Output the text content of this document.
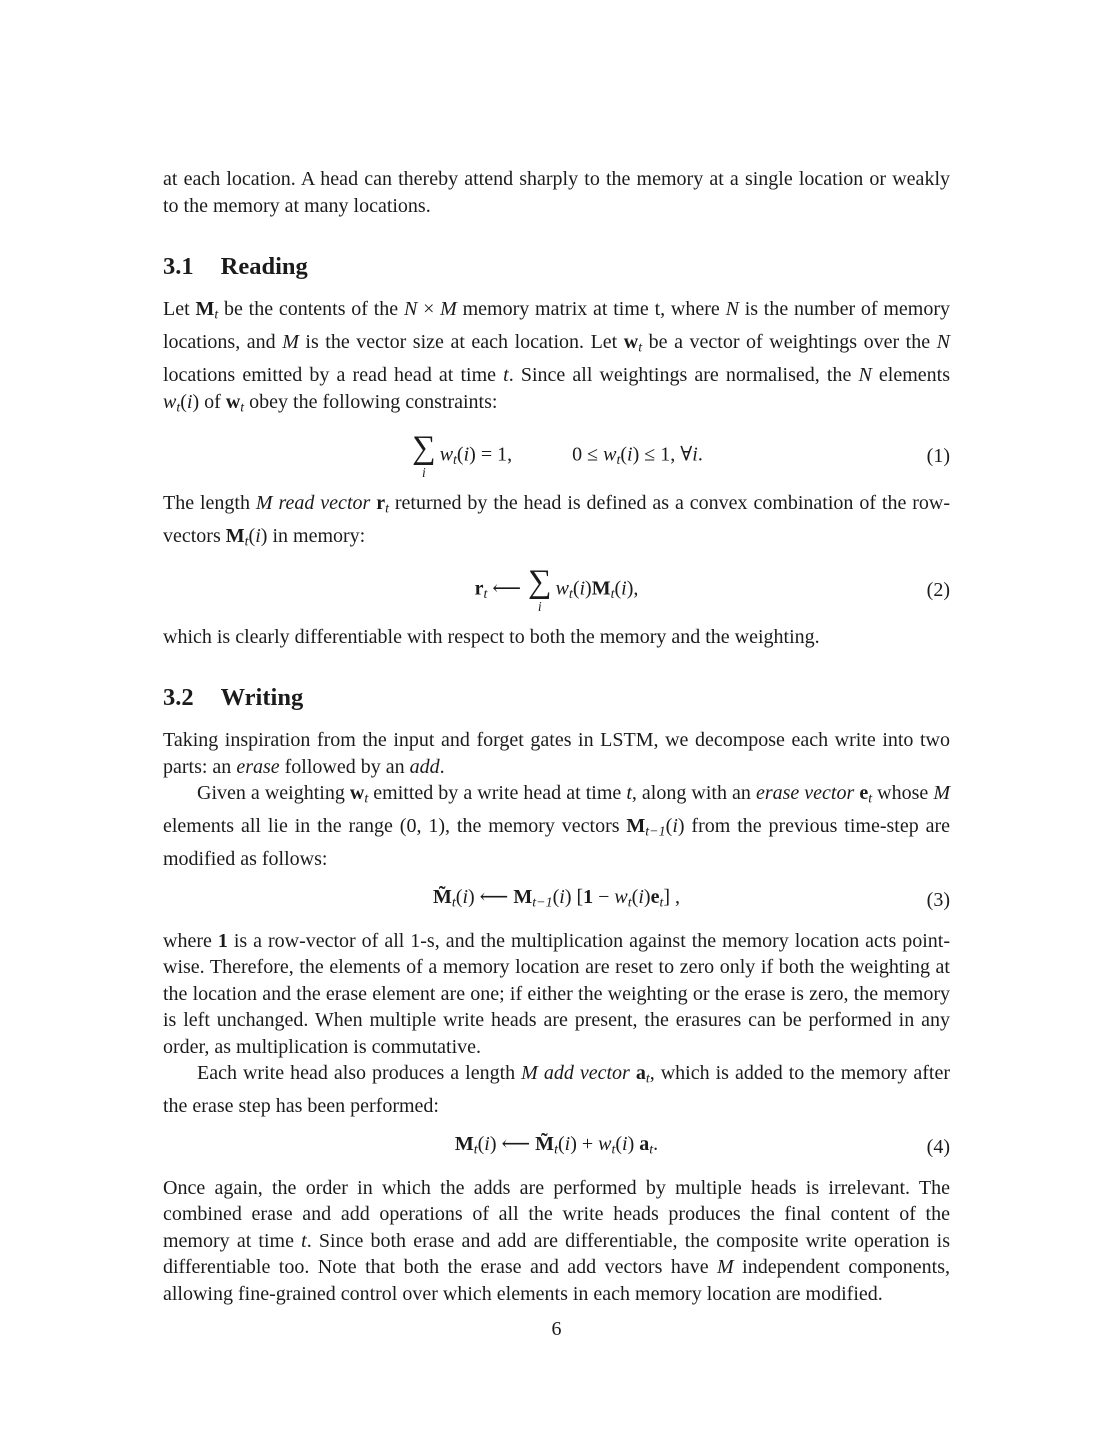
at each location. A head can thereby attend sharply to the memory at a single location or weakly to the memory at many locations.
3.1 Reading
Let $M_t$ be the contents of the N × M memory matrix at time t, where N is the number of memory locations, and M is the vector size at each location. Let $w_t$ be a vector of weightings over the N locations emitted by a read head at time t. Since all weightings are normalised, the N elements $w_t(i)$ of $w_t$ obey the following constraints:
∑
i
$w_t(i) = 1$,	$0 \le w_t(i) \le 1$, ∀i.	(1)
The length M read vector $r_t$ returned by the head is defined as a convex combination of the row-vectors $M_t(i)$ in memory:
$r_t$ ⟵ ∑
i
$w_t(i)M_t(i)$,	(2)
which is clearly differentiable with respect to both the memory and the weighting.
3.2 Writing
Taking inspiration from the input and forget gates in LSTM, we decompose each write into two parts: an erase followed by an add.
Given a weighting $w_t$ emitted by a write head at time t, along with an erase vector $e_t$ whose M elements all lie in the range (0, 1), the memory vectors $M_{t-1}(i)$ from the previous time-step are modified as follows:
$M̃_t(i)$ ⟵ $M_{t-1}(i) [1 - w_t(i)e_t]$ ,	(3)
where 1 is a row-vector of all 1-s, and the multiplication against the memory location acts point-wise. Therefore, the elements of a memory location are reset to zero only if both the weighting at the location and the erase element are one; if either the weighting or the erase is zero, the memory is left unchanged. When multiple write heads are present, the erasures can be performed in any order, as multiplication is commutative.
Each write head also produces a length M add vector $a_t$, which is added to the memory after the erase step has been performed:
$M_t(i)$ ⟵ $M̃_t(i) + w_t(i)$ $a_t$.	(4)
Once again, the order in which the adds are performed by multiple heads is irrelevant. The combined erase and add operations of all the write heads produces the final content of the memory at time t. Since both erase and add are differentiable, the composite write operation is differentiable too. Note that both the erase and add vectors have M independent components, allowing fine-grained control over which elements in each memory location are modified.
6
